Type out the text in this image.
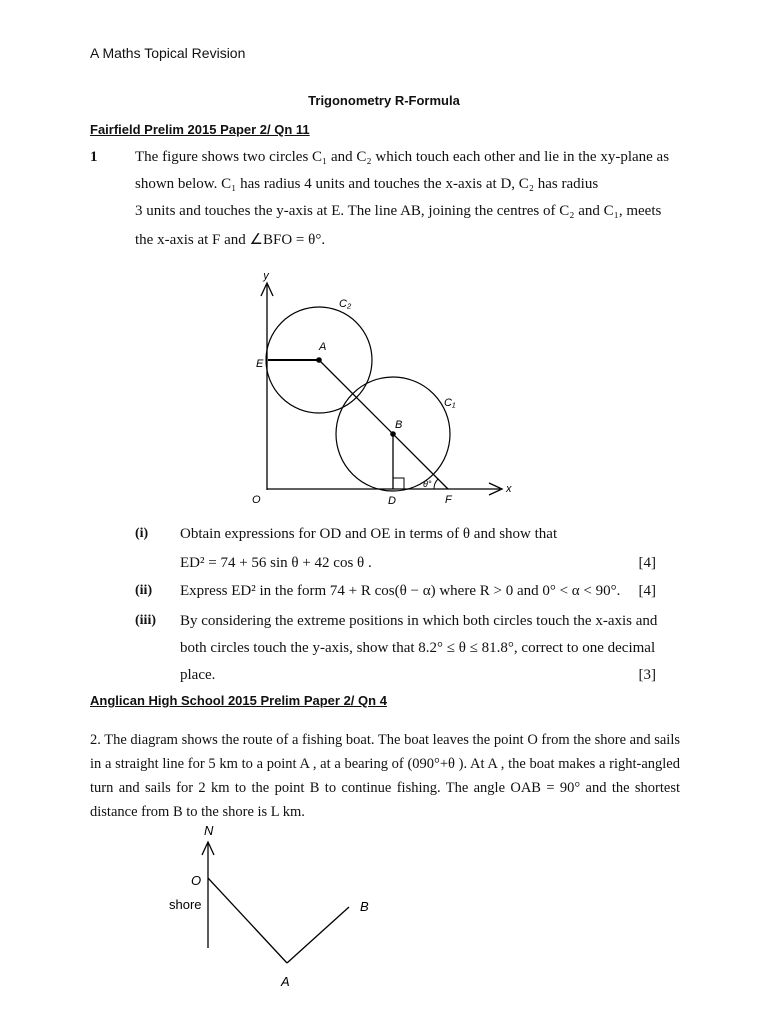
A Maths Topical Revision
Trigonometry R-Formula
Fairfield Prelim 2015 Paper 2/ Qn 11
1	The figure shows two circles C₁ and C₂ which touch each other and lie in the xy-plane as
shown below. C₁ has radius 4 units and touches the x-axis at D, C₂ has radius
3 units and touches the y-axis at E. The line AB, joining the centres of C₂ and C₁, meets
the x-axis at F and ∠BFO = θ°.
y
x
C₂
C₁
A
B
E
O	D	F
θ°
(i) Obtain expressions for OD and OE in terms of θ and show that
ED² = 74 + 56 sin θ + 42 cos θ .	[4]
(ii) Express ED² in the form 74 + R cos(θ − α) where R > 0 and 0° < α < 90°. [4]
(iii) By considering the extreme positions in which both circles touch the x-axis and
both circles touch the y-axis, show that 8.2° ≤ θ ≤ 81.8°, correct to one decimal
place.	[3]
Anglican High School 2015 Prelim Paper 2/ Qn 4
2. The diagram shows the route of a fishing boat. The boat leaves the point O from the shore and sails in a straight line for 5 km to a point A , at a bearing of (090°+θ ). At A , the boat makes a right-angled turn and sails for 2 km to the point B to continue fishing. The angle OAB = 90° and the shortest distance from B to the shore is L km.
N
O
shore	B
A
